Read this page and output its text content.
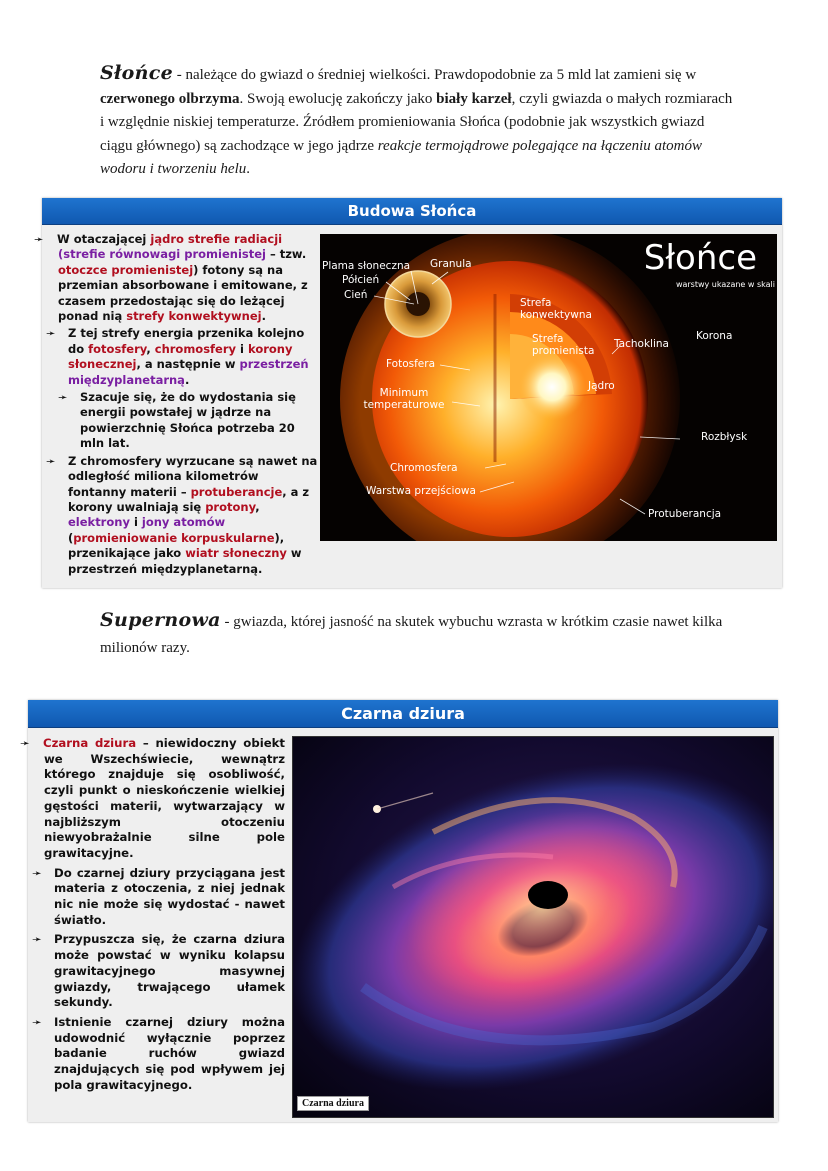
Słońce - należące do gwiazd o średniej wielkości. Prawdopodobnie za 5 mld lat zamieni się w czerwonego olbrzyma. Swoją ewolucję zakończy jako biały karzeł, czyli gwiazda o małych rozmiarach i względnie niskiej temperaturze. Źródłem promieniowania Słońca (podobnie jak wszystkich gwiazd ciągu głównego) są zachodzące w jego jądrze reakcje termojądrowe polegające na łączeniu atomów wodoru i tworzeniu helu.
Budowa Słońca

➛ W otaczającej jądro strefie radiacji (strefie równowagi promienistej – tzw. otoczce promienistej) fotony są na przemian absorbowane i emitowane, z czasem przedostając się do leżącej ponad nią strefy konwektywnej.

➛ Z tej strefy energia przenika kolejno do fotosfery, chromosfery i korony słonecznej, a następnie w przestrzeń międzyplanetarną.

➛ Szacuje się, że do wydostania się energii powstałej w jądrze na powierzchnię Słońca potrzeba 20 mln lat.

➛ Z chromosfery wyrzucane są nawet na odległość miliona kilometrów fontanny materii – protuberancje, a z korony uwalniają się protony, elektrony i jony atomów (promieniowanie korpuskularne), przenikające jako wiatr słoneczny w przestrzeń międzyplanetarną.

Słońce
warstwy ukazane w skali
Plama słoneczna Granula
Półcień
Cień
Strefa konwektywna
Strefa promienista
Tachoklina
Korona
Fotosfera
Jądro
Minimum temperaturowe
Rozbłysk
Chromosfera
Warstwa przejściowa
Protuberancja
Supernowa - gwiazda, której jasność na skutek wybuchu wzrasta w krótkim czasie nawet kilka milionów razy.
Czarna dziura

➛ Czarna dziura – niewidoczny obiekt we Wszechświecie, wewnątrz którego znajduje się osobliwość, czyli punkt o nieskończenie wielkiej gęstości materii, wytwarzający w najbliższym otoczeniu niewyobrażalnie silne pole grawitacyjne.

➛ Do czarnej dziury przyciągana jest materia z otoczenia, z niej jednak nic nie może się wydostać - nawet światło.

➛ Przypuszcza się, że czarna dziura może powstać w wyniku kolapsu grawitacyjnego masywnej gwiazdy, trwającego ułamek sekundy.

➛ Istnienie czarnej dziury można udowodnić wyłącznie poprzez badanie ruchów gwiazd znajdujących się pod wpływem jej pola grawitacyjnego.

Czarna dziura
